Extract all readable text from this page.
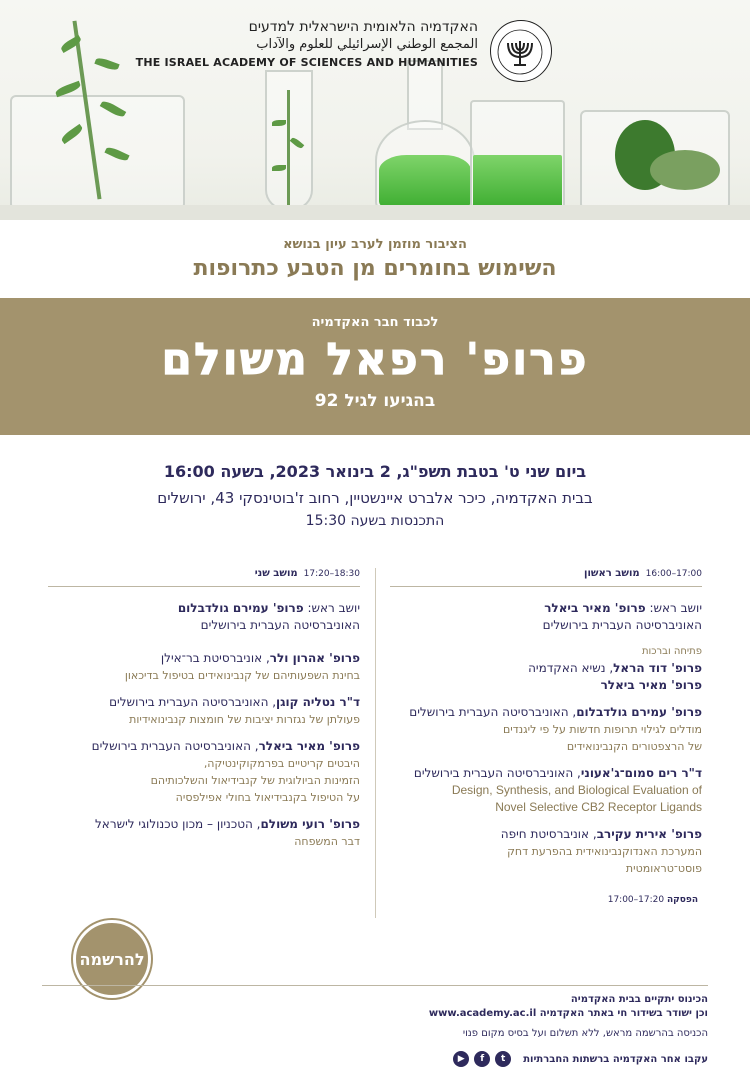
האקדמיה הלאומית הישראלית למדעים
المجمع الوطني الإسرائيلي للعلوم والآداب
THE ISRAEL ACADEMY OF SCIENCES AND HUMANITIES
הציבור מוזמן לערב עיון בנושא
השימוש בחומרים מן הטבע כתרופות
לכבוד חבר האקדמיה
פרופ' רפאל משולם
בהגיעו לגיל 92
ביום שני ט' בטבת תשפ"ג, 2 בינואר 2023, בשעה 16:00
בבית האקדמיה, כיכר אלברט איינשטיין, רחוב ז'בוטינסקי 43, ירושלים
התכנסות בשעה 15:30
17:00–16:00מושב ראשון
יושב ראש: פרופ' מאיר ביאלר
האוניברסיטה העברית בירושלים
פתיחה וברכות
פרופ' דוד הראל, נשיא האקדמיה
פרופ' מאיר ביאלר
פרופ' עמירם גולדבלום, האוניברסיטה העברית בירושלים
מודלים לגילוי תרופות חדשות על פי ליגנדים
של הרצפטורים הקנבינואידים
ד"ר רים סמום־ג'אעוני, האוניברסיטה העברית בירושלים
Design, Synthesis, and Biological Evaluation of
Novel Selective CB2 Receptor Ligands
פרופ' אירית עקירב, אוניברסיטת חיפה
המערכת האנדוקנבינואידית בהפרעת דחק
פוסט־טראומטית
הפסקה 17:20–17:00
18:30–17:20מושב שני
יושב ראש: פרופ' עמירם גולדבלום
האוניברסיטה העברית בירושלים
פרופ' אהרון ולר, אוניברסיטת בר־אילן
בחינת השפעותיהם של קנבינואידים בטיפול בדיכאון
ד"ר נטליה קוגן, האוניברסיטה העברית בירושלים
פעולתן של נגזרות יציבות של חומצות קנבינואידיות
פרופ' מאיר ביאלר, האוניברסיטה העברית בירושלים
היבטים קריטיים בפרמקוקינטיקה,
הזמינות הביולוגית של קנבידיאול והשלכותיהם
על הטיפול בקנבידיאול בחולי אפילפסיה
פרופ' רועי משולם, הטכניון – מכון טכנולוגי לישראל
דבר המשפחה
להרשמה
הכינוס יתקיים בבית האקדמיה
וכן ישודר בשידור חי באתר האקדמיה www.academy.ac.il
הכניסה בהרשמה מראש, ללא תשלום ועל בסיס מקום פנוי
עקבו אחר האקדמיה ברשתות החברתיות
▶	f	t
